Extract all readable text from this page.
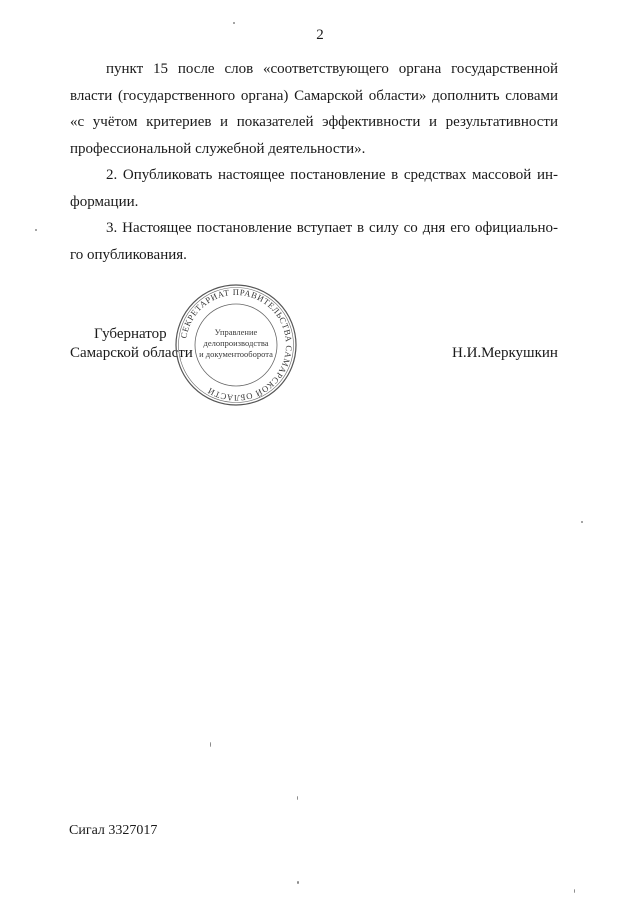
2
пункт 15 после слов «соответствующего органа государственной
власти (государственного органа) Самарской области» дополнить словами
«с учётом критериев и показателей эффективности и результативности
профессиональной служебной деятельности».
2. Опубликовать настоящее постановление в средствах массовой ин-
формации.
3. Настоящее постановление вступает в силу со дня его официально-
го опубликования.
Губернатор
Самарской области	Н.И.Меркушкин
СЕКРЕТАРИАТ ПРАВИТЕЛЬСТВА САМАРСКОЙ ОБЛАСТИ
Управление
делопроизводства
и документооборота
Сигал 3327017
